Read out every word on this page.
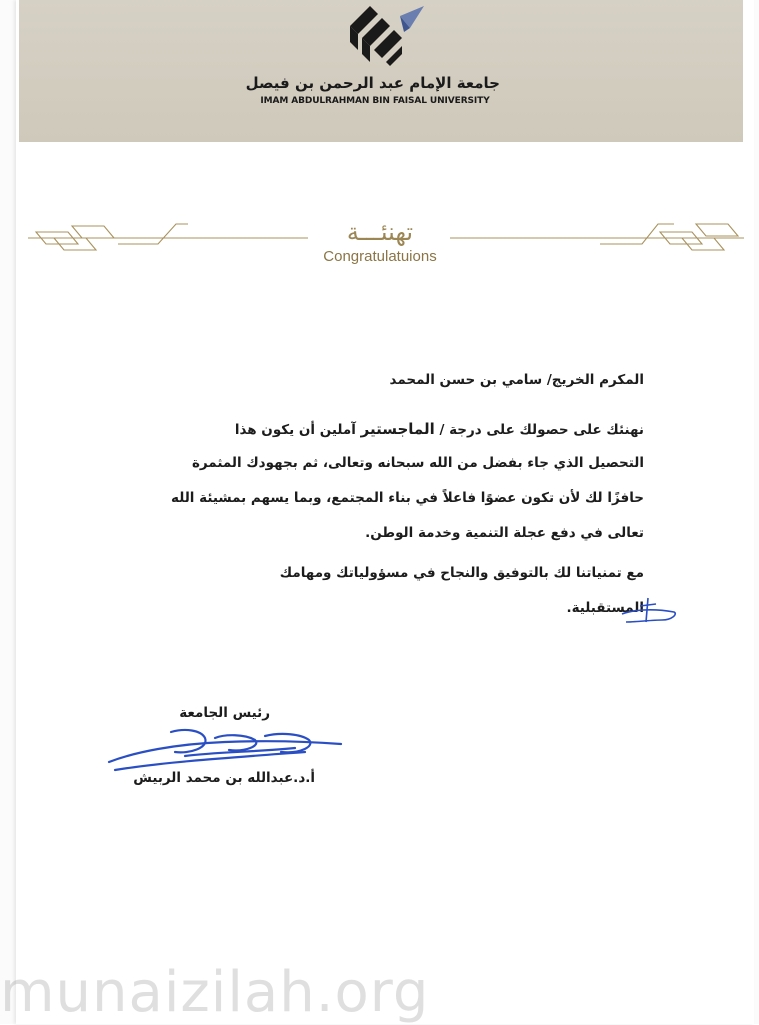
جامعة الإمام عبد الرحمن بن فيصل
IMAM ABDULRAHMAN BIN FAISAL UNIVERSITY
تهنئـــة
Congratulatuions
المكرم الخريج/ سامي بن حسن المحمد
نهنئك على حصولك على درجة / الماجستير آملين أن يكون هذا
التحصيل الذي جاء بفضل من الله سبحانه وتعالى، ثم بجهودك المثمرة
حافزًا لك لأن تكون عضوًا فاعلاً في بناء المجتمع، وبما يسهم بمشيئة الله
تعالى في دفع عجلة التنمية وخدمة الوطن.
مع تمنياتنا لك بالتوفيق والنجاح في مسؤولياتك ومهامك
المستقبلية.
رئيس الجامعة
أ.د.عبدالله بن محمد الربيش
munaizilah.org
